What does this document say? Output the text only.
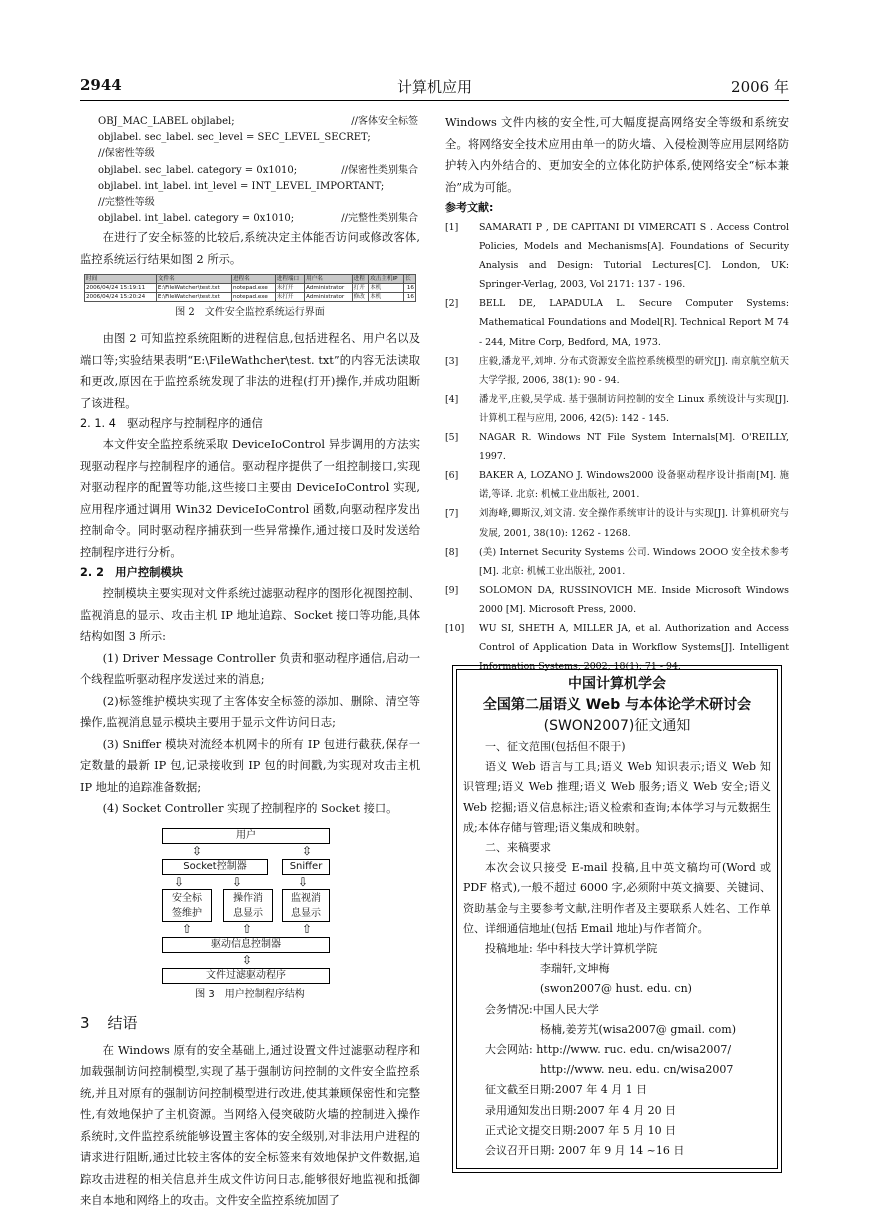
2944	计算机应用	2006 年
OBJ_MAC_LABEL objlabel;	//客体安全标签
objlabel. sec_label. sec_level = SEC_LEVEL_SECRET;
//保密性等级
objlabel. sec_label. category = 0x1010;	//保密性类别集合
objlabel. int_label. int_level = INT_LEVEL_IMPORTANT;
//完整性等级
objlabel. int_label. category = 0x1010;	//完整性类别集合

在进行了安全标签的比较后,系统决定主体能否访问或修改客体,监控系统运行结果如图 2 所示。

时间	文件名	进程名	进程端口	用户名	进程	攻击主机IP	长
2006/04/24 15:19:11	E:\FileWatcher\test.txt	notepad.exe	未打开	Administrator	打开	本机	16
2006/04/24 15:20:24	E:\FileWatcher\test.txt	notepad.exe	未打开	Administrator	修改	本机	16
图 2　文件安全监控系统运行界面

由图 2 可知监控系统阻断的进程信息,包括进程名、用户名以及端口等;实验结果表明“E:\FileWathcher\test. txt”的内容无法读取和更改,原因在于监控系统发现了非法的进程(打开)操作,并成功阻断了该进程。

2. 1. 4　驱动程序与控制程序的通信

本文件安全监控系统采取 DeviceIoControl 异步调用的方法实现驱动程序与控制程序的通信。驱动程序提供了一组控制接口,实现对驱动程序的配置等功能,这些接口主要由 DeviceIoControl 实现,应用程序通过调用 Win32 DeviceIoControl 函数,向驱动程序发出控制命令。同时驱动程序捕获到一些异常操作,通过接口及时发送给控制程序进行分析。

2. 2　用户控制模块

控制模块主要实现对文件系统过滤驱动程序的图形化视图控制、监视消息的显示、攻击主机 IP 地址追踪、Socket 接口等功能,具体结构如图 3 所示:

(1) Driver Message Controller 负责和驱动程序通信,启动一个线程监听驱动程序发送过来的消息;

(2)标签维护模块实现了主客体安全标签的添加、删除、清空等操作,监视消息显示模块主要用于显示文件访问日志;

(3) Sniffer 模块对流经本机网卡的所有 IP 包进行截获,保存一定数量的最新 IP 包,记录接收到 IP 包的时间戳,为实现对攻击主机 IP 地址的追踪准备数据;

(4) Socket Controller 实现了控制程序的 Socket 接口。

用户
⇳	⇳
Socket控制器	Sniffer
⇩	⇩	⇩
安全标
签维护
操作消
息显示
监视消
息显示
⇧	⇧	⇧
驱动信息控制器
⇳
文件过滤驱动程序
图 3　用户控制程序结构
3 结语

在 Windows 原有的安全基础上,通过设置文件过滤驱动程序和加载强制访问控制模型,实现了基于强制访问控制的文件安全监控系统,并且对原有的强制访问控制模型进行改进,使其兼顾保密性和完整性,有效地保护了主机资源。当网络入侵突破防火墙的控制进入操作系统时,文件监控系统能够设置主客体的安全级别,对非法用户进程的请求进行阻断,通过比较主客体的安全标签来有效地保护文件数据,追踪攻击进程的相关信息并生成文件访问日志,能够很好地监视和抵御来自本地和网络上的攻击。文件安全监控系统加固了

Windows 文件内核的安全性,可大幅度提高网络安全等级和系统安全。将网络安全技术应用由单一的防火墙、入侵检测等应用层网络防护转入内外结合的、更加安全的立体化防护体系,使网络安全“标本兼治”成为可能。

参考文献:
[1] SAMARATI P , DE CAPITANI DI VIMERCATI S . Access Control Policies, Models and Mechanisms[A]. Foundations of Security Analysis and Design: Tutorial Lectures[C]. London, UK: Springer-Verlag, 2003, Vol 2171: 137 - 196.
[2] BELL DE, LAPADULA L. Secure Computer Systems: Mathematical Foundations and Model[R]. Technical Report M 74 - 244, Mitre Corp, Bedford, MA, 1973.
[3] 庄毅,潘龙平,刘坤. 分布式资源安全监控系统模型的研究[J]. 南京航空航天大学学报, 2006, 38(1): 90 - 94.
[4] 潘龙平,庄毅,吴学成. 基于强制访问控制的安全 Linux 系统设计与实现[J]. 计算机工程与应用, 2006, 42(5): 142 - 145.
[5] NAGAR R. Windows NT File System Internals[M]. O'REILLY, 1997.
[6] BAKER A, LOZANO J. Windows2000 设备驱动程序设计指南[M]. 施诺,等译. 北京: 机械工业出版社, 2001.
[7] 刘海峰,卿斯汉,刘文清. 安全操作系统审计的设计与实现[J]. 计算机研究与发展, 2001, 38(10): 1262 - 1268.
[8] (美) Internet Security Systems 公司. Windows 2OOO 安全技术参考[M]. 北京: 机械工业出版社, 2001.
[9] SOLOMON DA, RUSSINOVICH ME. Inside Microsoft Windows 2000 [M]. Microsoft Press, 2000.
[10] WU SI, SHETH A, MILLER JA, et al. Authorization and Access Control of Application Data in Workflow Systems[J]. Intelligent Information Systems, 2002, 18(1): 71 - 94.
中国计算机学会
全国第二届语义 Web 与本体论学术研讨会
(SWON2007)征文通知
一、征文范围(包括但不限于)
语义 Web 语言与工具;语义 Web 知识表示;语义 Web 知识管理;语义 Web 推理;语义 Web 服务;语义 Web 安全;语义 Web 挖掘;语义信息标注;语义检索和查询;本体学习与元数据生成;本体存储与管理;语义集成和映射。
二、来稿要求
本次会议只接受 E-mail 投稿,且中英文稿均可(Word 或 PDF 格式),一般不超过 6000 字,必须附中英文摘要、关键词、资助基金与主要参考文献,注明作者及主要联系人姓名、工作单位、详细通信地址(包括 Email 地址)与作者简介。
投稿地址: 华中科技大学计算机学院
　　　　　李瑞轩,文坤梅
　　　　　(swon2007@ hust. edu. cn)
会务情况:中国人民大学
　　　　　杨楠,姜芳艽(wisa2007@ gmail. com)
大会网站: http://www. ruc. edu. cn/wisa2007/
　　　　　http://www. neu. edu. cn/wisa2007
征文截至日期:2007 年 4 月 1 日
录用通知发出日期:2007 年 4 月 20 日
正式论文提交日期:2007 年 5 月 10 日
会议召开日期: 2007 年 9 月 14 ~16 日
